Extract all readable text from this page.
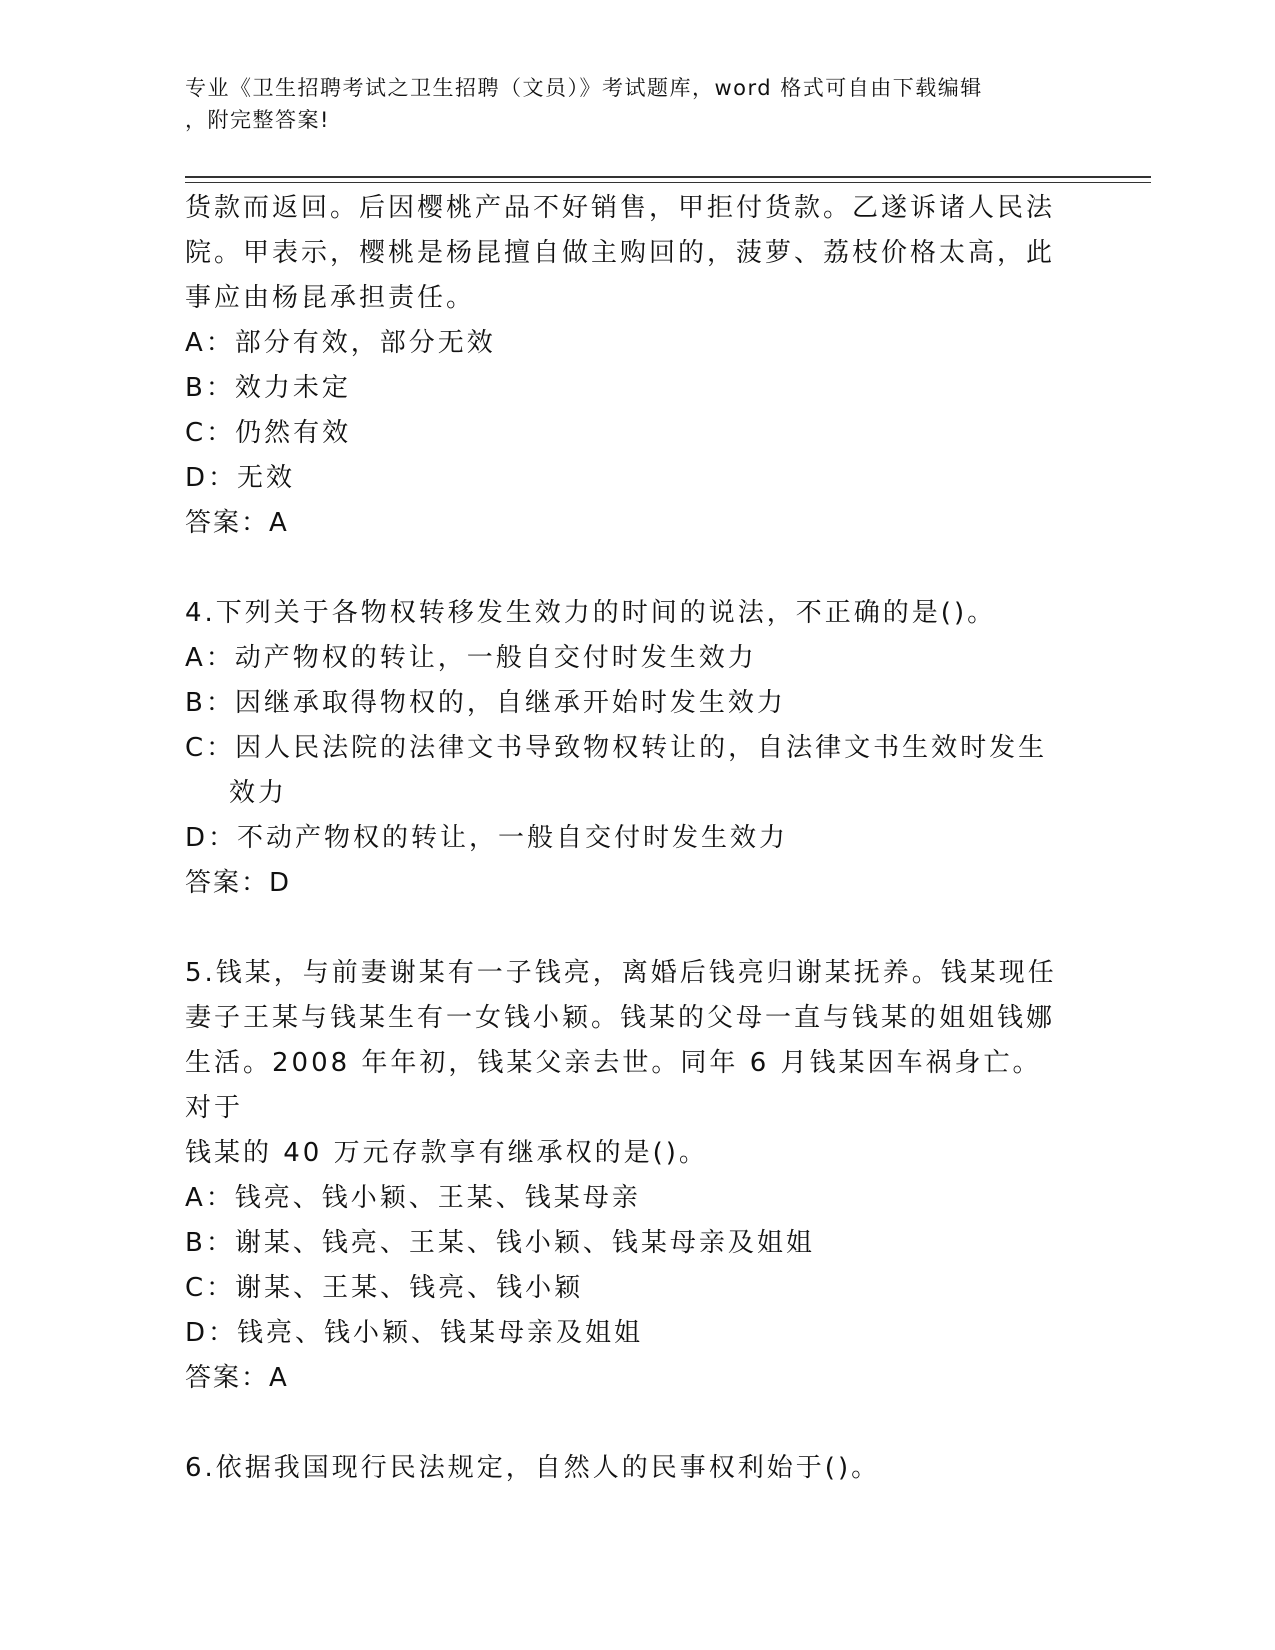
专业《卫生招聘考试之卫生招聘（文员）》考试题库，word 格式可自由下载编辑
，附完整答案!

货款而返回。后因樱桃产品不好销售，甲拒付货款。乙遂诉诸人民法

院。甲表示，樱桃是杨昆擅自做主购回的，菠萝、荔枝价格太高，此

事应由杨昆承担责任。

A：部分有效，部分无效

B：效力未定

C：仍然有效

D：无效

答案：A

4.下列关于各物权转移发生效力的时间的说法，不正确的是()。

A：动产物权的转让，一般自交付时发生效力

B：因继承取得物权的，自继承开始时发生效力

C：因人民法院的法律文书导致物权转让的，自法律文书生效时发生效力

D：不动产物权的转让，一般自交付时发生效力

答案：D

5.钱某，与前妻谢某有一子钱亮，离婚后钱亮归谢某抚养。钱某现任

妻子王某与钱某生有一女钱小颖。钱某的父母一直与钱某的姐姐钱娜

生活。2008 年年初，钱某父亲去世。同年 6 月钱某因车祸身亡。对于

钱某的 40 万元存款享有继承权的是()。

A：钱亮、钱小颖、王某、钱某母亲

B：谢某、钱亮、王某、钱小颖、钱某母亲及姐姐

C：谢某、王某、钱亮、钱小颖

D：钱亮、钱小颖、钱某母亲及姐姐

答案：A

6.依据我国现行民法规定，自然人的民事权利始于()。
